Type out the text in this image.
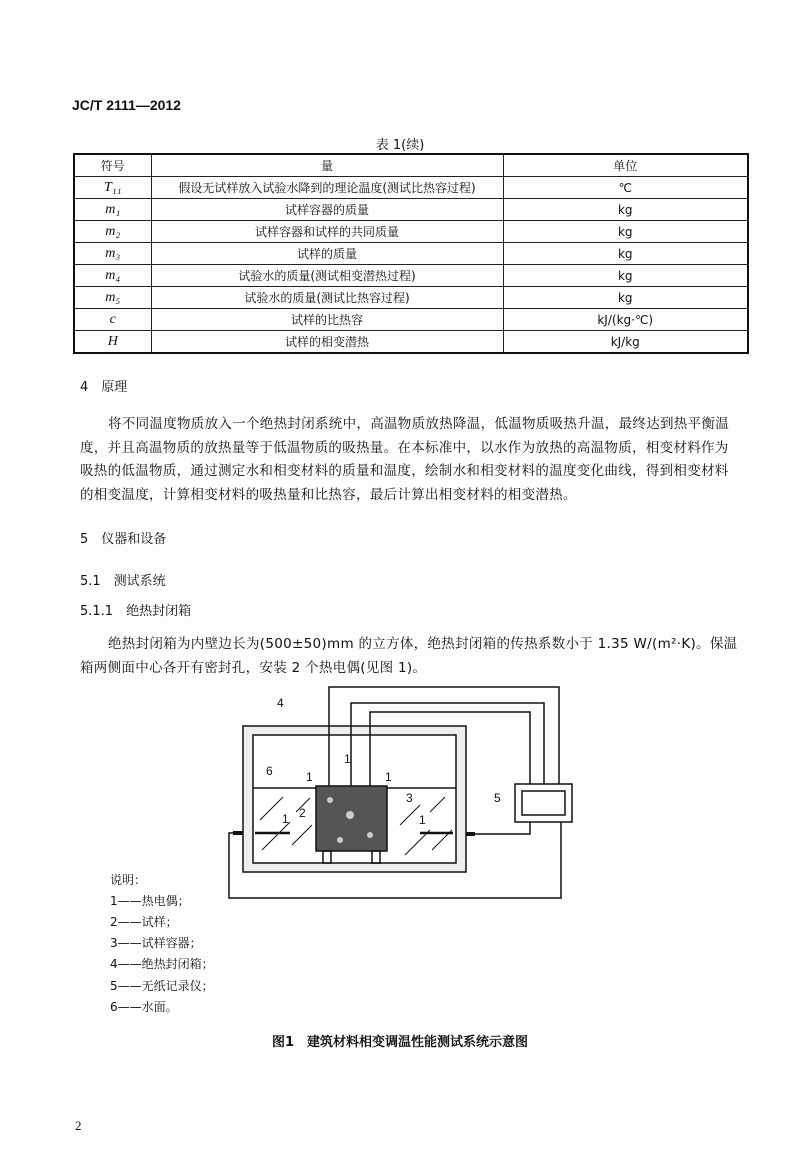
JC/T 2111—2012
表 1(续)
符号	量	单位
T₁₁	假设无试样放入试验水降到的理论温度(测试比热容过程)	℃
m₁	试样容器的质量	kg
m₂	试样容器和试样的共同质量	kg
m₃	试样的质量	kg
m₄	试验水的质量(测试相变潜热过程)	kg
m₅	试验水的质量(测试比热容过程)	kg
c	试样的比热容	kJ/(kg·℃)
H	试样的相变潜热	kJ/kg
4　原理
将不同温度物质放入一个绝热封闭系统中，高温物质放热降温，低温物质吸热升温，最终达到热平衡温度，并且高温物质的放热量等于低温物质的吸热量。在本标准中，以水作为放热的高温物质，相变材料作为吸热的低温物质，通过测定水和相变材料的质量和温度，绘制水和相变材料的温度变化曲线，得到相变材料的相变温度，计算相变材料的吸热量和比热容，最后计算出相变材料的相变潜热。
5　仪器和设备
5.1　测试系统
5.1.1　绝热封闭箱
绝热封闭箱为内壁边长为(500±50)mm 的立方体，绝热封闭箱的传热系数小于 1.35 W/(m²·K)。保温箱两侧面中心各开有密封孔，安装 2 个热电偶(见图 1)。
4
6	1
1
1
2
3	5
1	1
说明：
1——热电偶；
2——试样；
3——试样容器；
4——绝热封闭箱；
5——无纸记录仪；
6——水面。
图1　建筑材料相变调温性能测试系统示意图
2
